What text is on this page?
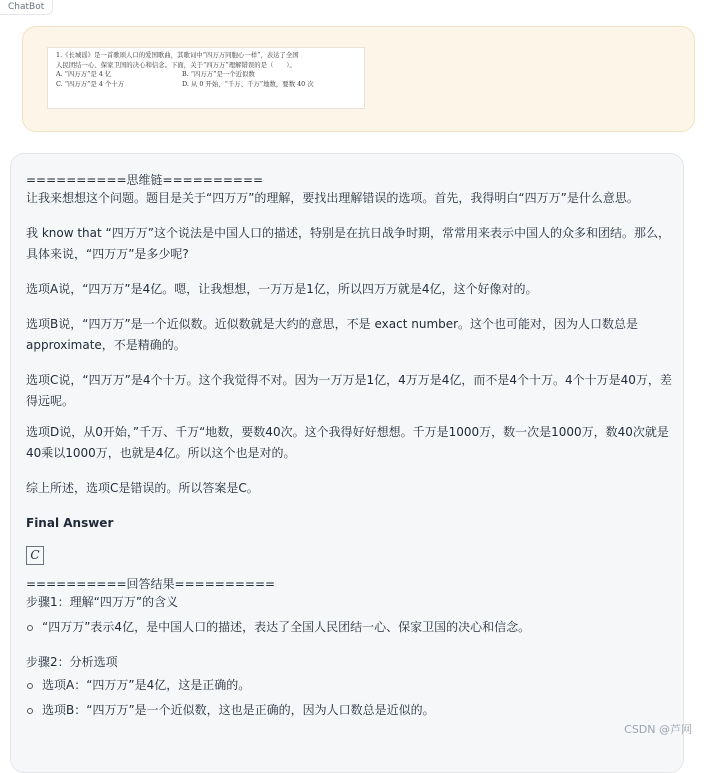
ChatBot
1.《长城谣》是一首歌颂人口的爱国歌曲，其歌词中“四万万同胞心一样”，表达了全国
人民团结一心、保家卫国的决心和信念。下面，关于“四万万”理解错误的是（　　）。
A. “四万万”是 4 亿	B. “四万万”是一个近似数
C. “四万万”是 4 个十万	D. 从 0 开始，“千万、千万”地数，要数 40 次

==========思维链==========

让我来想想这个问题。题目是关于“四万万”的理解，要找出理解错误的选项。首先，我得明白“四万万”是什么意思。

我 know that “四万万”这个说法是中国人口的描述，特别是在抗日战争时期，常常用来表示中国人的众多和团结。那么，具体来说，“四万万”是多少呢?

选项A说，“四万万”是4亿。嗯，让我想想，一万万是1亿，所以四万万就是4亿，这个好像对的。

选项B说，“四万万”是一个近似数。近似数就是大约的意思，不是 exact number。这个也可能对，因为人口数总是approximate，不是精确的。

选项C说，“四万万”是4个十万。这个我觉得不对。因为一万万是1亿，4万万是4亿，而不是4个十万。4个十万是40万，差得远呢。

选项D说，从0开始，”千万、千万“地数，要数40次。这个我得好好想想。千万是1000万，数一次是1000万，数40次就是40乘以1000万，也就是4亿。所以这个也是对的。

综上所述，选项C是错误的。所以答案是C。

Final Answer

C

==========回答结果==========

步骤1：理解“四万万”的含义

“四万万”表示4亿，是中国人口的描述，表达了全国人民团结一心、保家卫国的决心和信念。

步骤2：分析选项

选项A：“四万万”是4亿，这是正确的。
选项B：“四万万”是一个近似数，这也是正确的，因为人口数总是近似的。
CSDN @芦网
